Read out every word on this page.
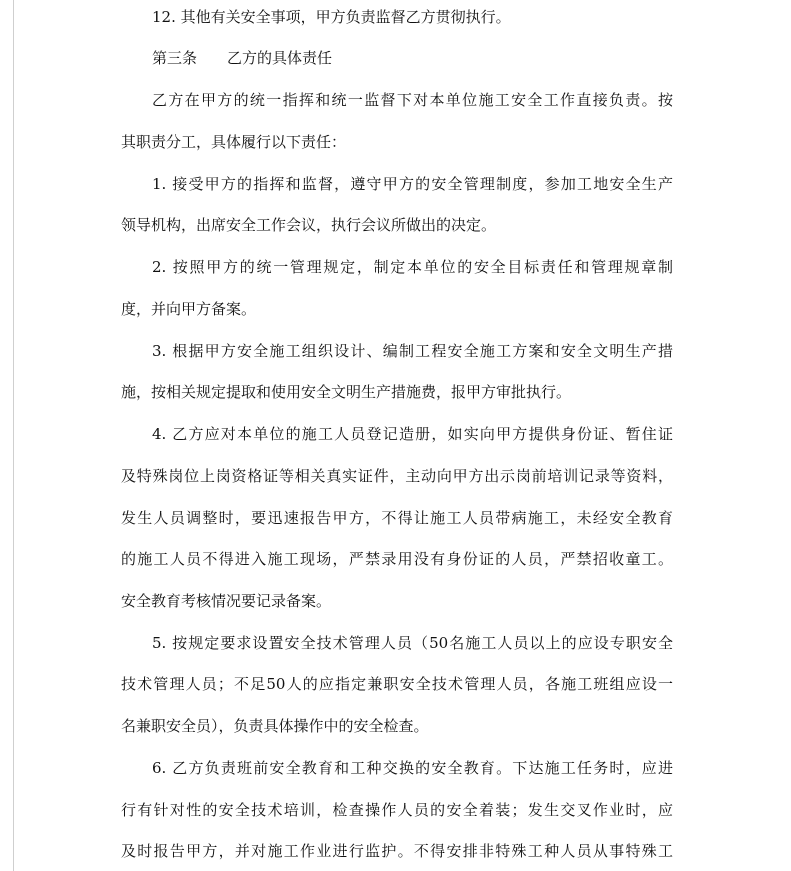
12. 其他有关安全事项，甲方负责监督乙方贯彻执行。
第三条 乙方的具体责任
乙方在甲方的统一指挥和统一监督下对本单位施工安全工作直接负责。按
其职责分工，具体履行以下责任：
1. 接受甲方的指挥和监督，遵守甲方的安全管理制度，参加工地安全生产
领导机构，出席安全工作会议，执行会议所做出的决定。
2. 按照甲方的统一管理规定，制定本单位的安全目标责任和管理规章制
度，并向甲方备案。
3. 根据甲方安全施工组织设计、编制工程安全施工方案和安全文明生产措
施，按相关规定提取和使用安全文明生产措施费，报甲方审批执行。
4. 乙方应对本单位的施工人员登记造册，如实向甲方提供身份证、暂住证
及特殊岗位上岗资格证等相关真实证件，主动向甲方出示岗前培训记录等资料，
发生人员调整时，要迅速报告甲方，不得让施工人员带病施工，未经安全教育
的施工人员不得进入施工现场，严禁录用没有身份证的人员，严禁招收童工。
安全教育考核情况要记录备案。
5. 按规定要求设置安全技术管理人员（50名施工人员以上的应设专职安全
技术管理人员；不足50人的应指定兼职安全技术管理人员，各施工班组应设一
名兼职安全员），负责具体操作中的安全检查。
6. 乙方负责班前安全教育和工种交换的安全教育。下达施工任务时，应进
行有针对性的安全技术培训，检查操作人员的安全着装；发生交叉作业时，应
及时报告甲方，并对施工作业进行监护。不得安排非特殊工种人员从事特殊工
